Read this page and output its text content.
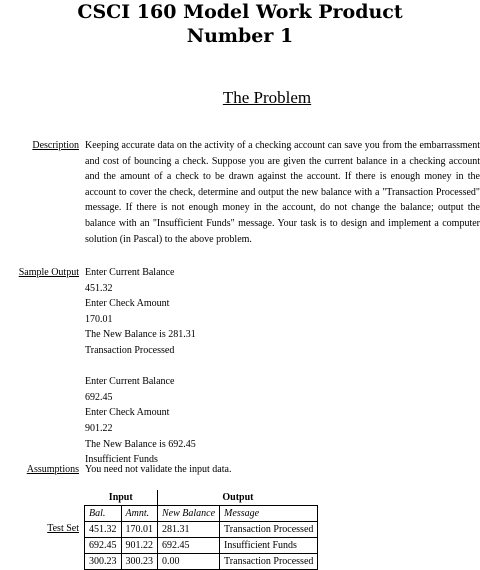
CSCI 160 Model Work Product
Number 1
The Problem
Description Keeping accurate data on the activity of a checking account can save you from the embarrassment and cost of bouncing a check. Suppose you are given the current balance in a checking account and the amount of a check to be drawn against the account. If there is enough money in the account to cover the check, determine and output the new balance with a "Transaction Processed" message. If there is not enough money in the account, do not change the balance; output the balance with an "Insufficient Funds" message. Your task is to design and implement a computer solution (in Pascal) to the above problem.
Sample Output Enter Current Balance
451.32
Enter Check Amount
170.01
The New Balance is 281.31
Transaction Processed
Enter Current Balance
692.45
Enter Check Amount
901.22
The New Balance is 692.45
Insufficient Funds
Assumptions You need not validate the input data.
Test Set
Input		Output	
Bal.	Amnt.	New Balance	Message
451.32	170.01	281.31	Transaction Processed
692.45	901.22	692.45	Insufficient Funds
300.23	300.23	0.00	Transaction Processed
